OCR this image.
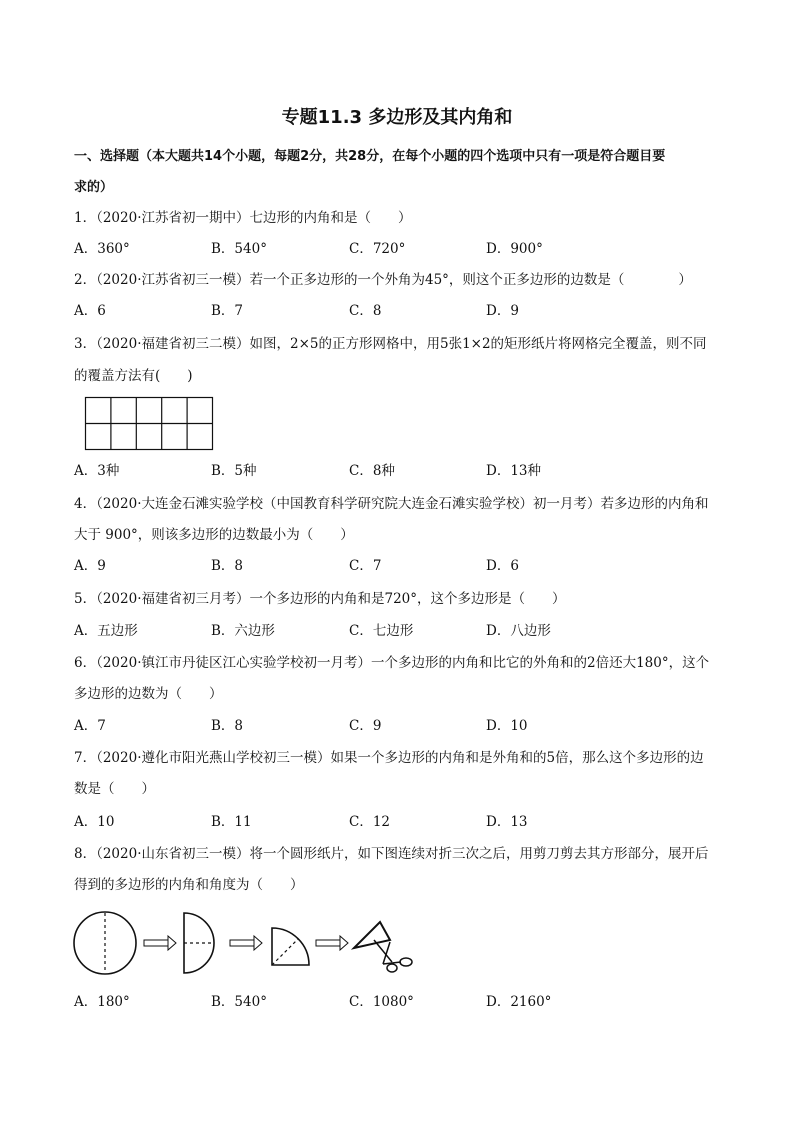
专题11.3 多边形及其内角和
一、选择题（本大题共14个小题，每题2分，共28分，在每个小题的四个选项中只有一项是符合题目要
求的）
1．（2020·江苏省初一期中）七边形的内角和是（　　）
A．360°	B．540°	C．720°	D．900°
2．（2020·江苏省初三一模）若一个正多边形的一个外角为45°，则这个正多边形的边数是（　　　　）
A．6	B．7	C．8	D．9
3．（2020·福建省初三二模）如图，2×5的正方形网格中，用5张1×2的矩形纸片将网格完全覆盖，则不同
的覆盖方法有(　　)
A．3种	B．5种	C．8种	D．13种
4．（2020·大连金石滩实验学校（中国教育科学研究院大连金石滩实验学校）初一月考）若多边形的内角和
大于 900°，则该多边形的边数最小为（　　）
A．9	B．8	C．7	D．6
5．（2020·福建省初三月考）一个多边形的内角和是720°，这个多边形是（　　）
A．五边形	B．六边形	C．七边形	D．八边形
6．（2020·镇江市丹徒区江心实验学校初一月考）一个多边形的内角和比它的外角和的2倍还大180°，这个
多边形的边数为（　　）
A．7	B．8	C．9	D．10
7．（2020·遵化市阳光燕山学校初三一模）如果一个多边形的内角和是外角和的5倍，那么这个多边形的边
数是（　　）
A．10	B．11	C．12	D．13
8．（2020·山东省初三一模）将一个圆形纸片，如下图连续对折三次之后，用剪刀剪去其方形部分，展开后
得到的多边形的内角和角度为（　　）
A．180°	B．540°	C．1080°	D．2160°
